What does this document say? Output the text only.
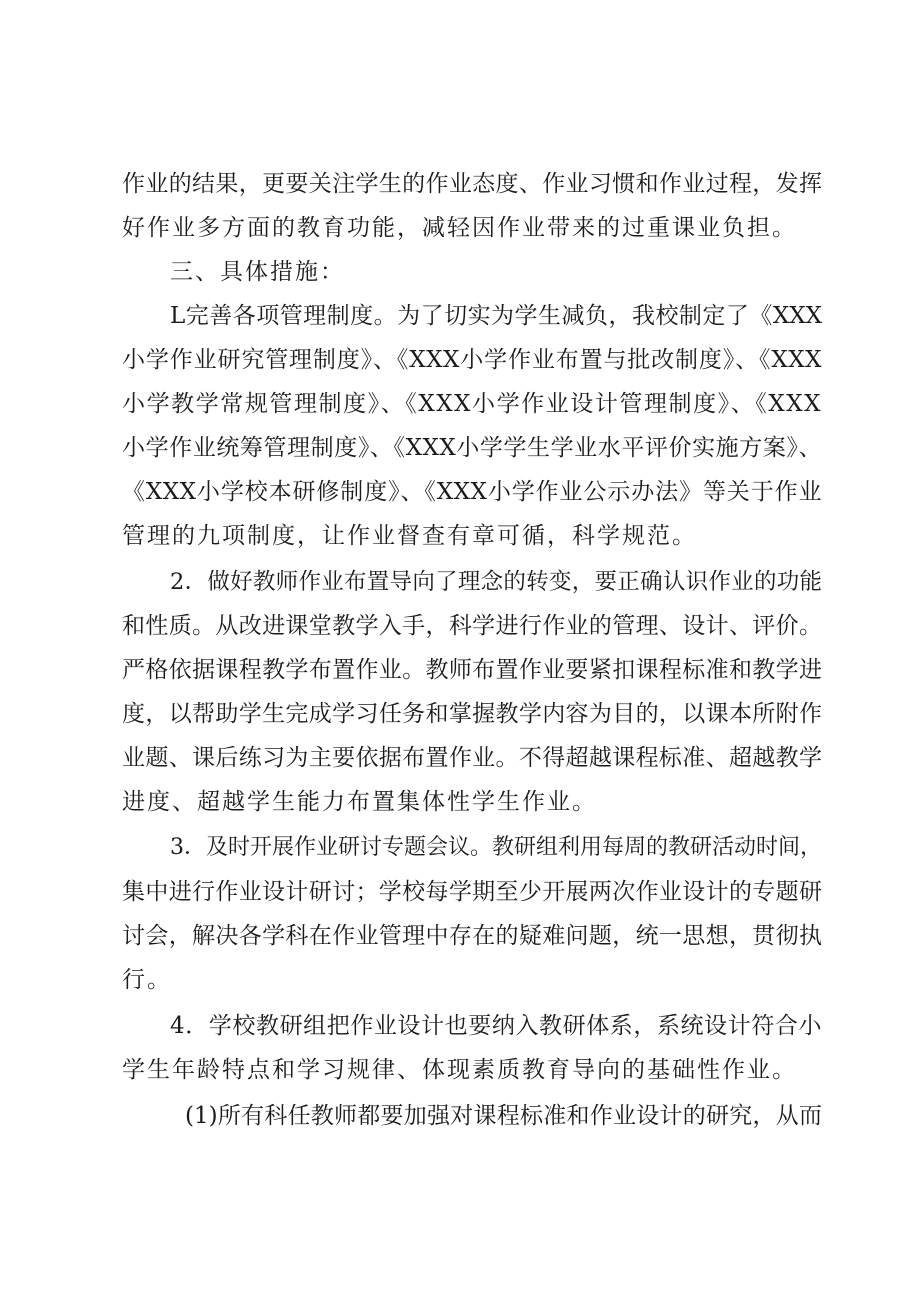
作业的结果，更要关注学生的作业态度、作业习惯和作业过程，发挥
好作业多方面的教育功能，减轻因作业带来的过重课业负担。
三、具体措施：
L完善各项管理制度。为了切实为学生减负，我校制定了《XXX
小学作业研究管理制度》、《XXX小学作业布置与批改制度》、《XXX
小学教学常规管理制度》、《XXX小学作业设计管理制度》、《XXX
小学作业统筹管理制度》、《XXX小学学生学业水平评价实施方案》、
《XXX小学校本研修制度》、《XXX小学作业公示办法》等关于作业
管理的九项制度，让作业督查有章可循，科学规范。
2．做好教师作业布置导向了理念的转变，要正确认识作业的功能
和性质。从改进课堂教学入手，科学进行作业的管理、设计、评价。
严格依据课程教学布置作业。教师布置作业要紧扣课程标准和教学进
度，以帮助学生完成学习任务和掌握教学内容为目的，以课本所附作
业题、课后练习为主要依据布置作业。不得超越课程标准、超越教学
进度、超越学生能力布置集体性学生作业。
3．及时开展作业研讨专题会议。教研组利用每周的教研活动时间，
集中进行作业设计研讨；学校每学期至少开展两次作业设计的专题研
讨会，解决各学科在作业管理中存在的疑难问题，统一思想，贯彻执
行。
4．学校教研组把作业设计也要纳入教研体系，系统设计符合小
学生年龄特点和学习规律、体现素质教育导向的基础性作业。
(1)所有科任教师都要加强对课程标准和作业设计的研究，从而
